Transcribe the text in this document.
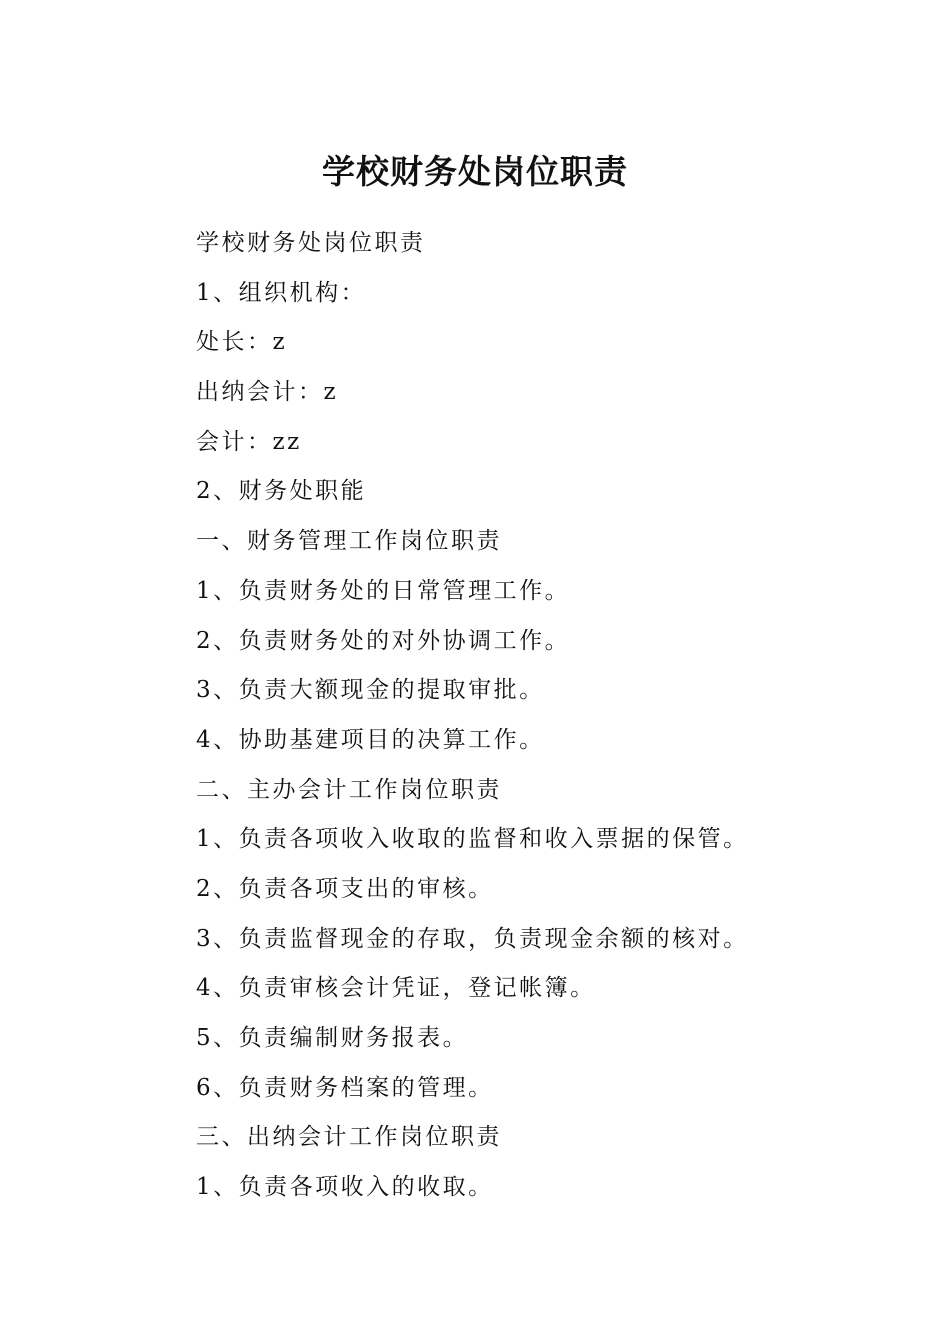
学校财务处岗位职责
学校财务处岗位职责
1、组织机构：
处长：z
出纳会计：z
会计：zz
2、财务处职能
一、财务管理工作岗位职责
1、负责财务处的日常管理工作。
2、负责财务处的对外协调工作。
3、负责大额现金的提取审批。
4、协助基建项目的决算工作。
二、主办会计工作岗位职责
1、负责各项收入收取的监督和收入票据的保管。
2、负责各项支出的审核。
3、负责监督现金的存取，负责现金余额的核对。
4、负责审核会计凭证，登记帐簿。
5、负责编制财务报表。
6、负责财务档案的管理。
三、出纳会计工作岗位职责
1、负责各项收入的收取。
